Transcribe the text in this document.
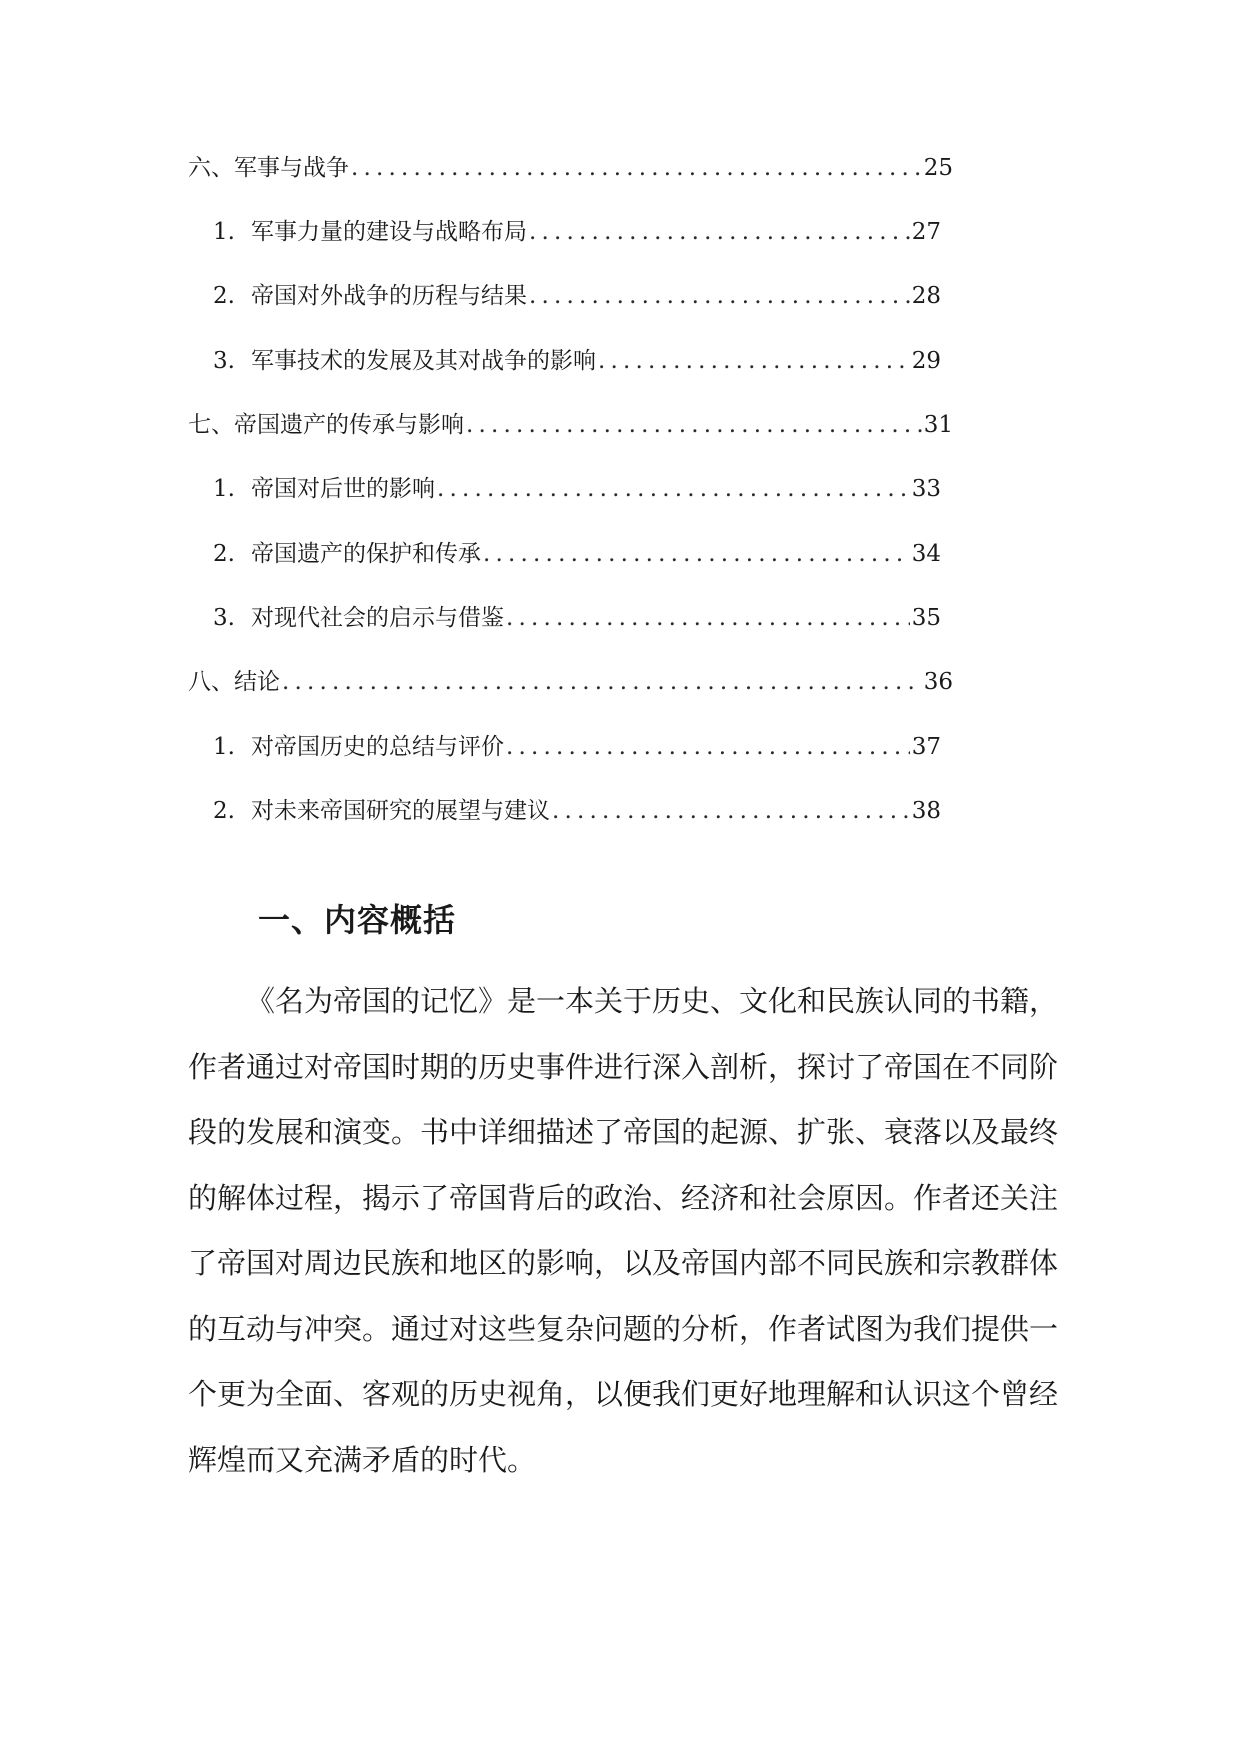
六、军事与战争 .....	25
1. 军事力量的建设与战略布局 .....	27
2. 帝国对外战争的历程与结果 .....	28
3. 军事技术的发展及其对战争的影响 .....	29
七、帝国遗产的传承与影响 .....	31
1. 帝国对后世的影响 .....	33
2. 帝国遗产的保护和传承 .....	34
3. 对现代社会的启示与借鉴 .....	35
八、结论 .....	36
1. 对帝国历史的总结与评价 .....	37
2. 对未来帝国研究的展望与建议 .....	38
一、内容概括

《名为帝国的记忆》是一本关于历史、文化和民族认同的书籍，作者通过对帝国时期的历史事件进行深入剖析，探讨了帝国在不同阶段的发展和演变。书中详细描述了帝国的起源、扩张、衰落以及最终的解体过程，揭示了帝国背后的政治、经济和社会原因。作者还关注了帝国对周边民族和地区的影响，以及帝国内部不同民族和宗教群体的互动与冲突。通过对这些复杂问题的分析，作者试图为我们提供一个更为全面、客观的历史视角，以便我们更好地理解和认识这个曾经辉煌而又充满矛盾的时代。
